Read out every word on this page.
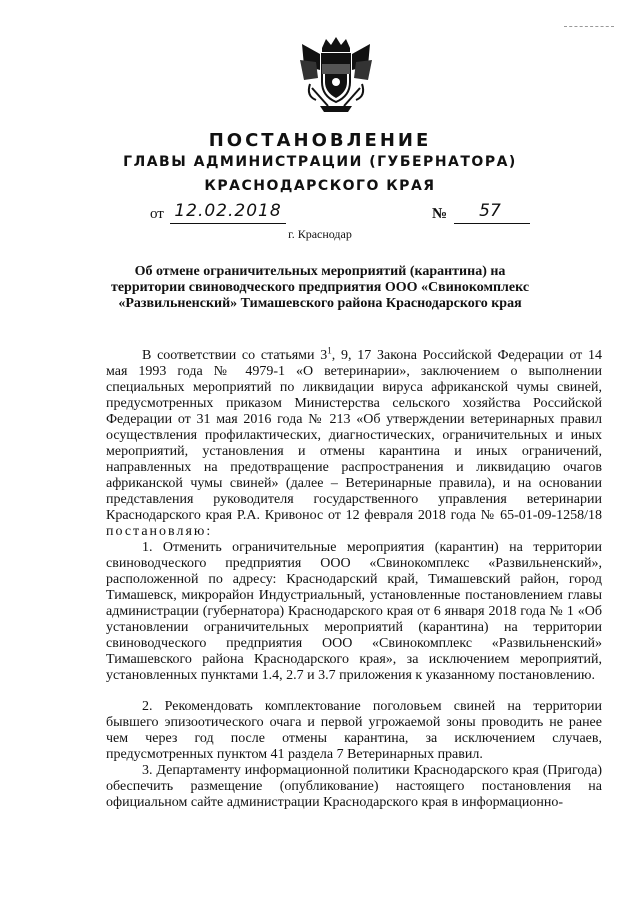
ПОСТАНОВЛЕНИЕ
ГЛАВЫ АДМИНИСТРАЦИИ (ГУБЕРНАТОРА)
КРАСНОДАРСКОГО КРАЯ
от 12.02.2018	№	57
г. Краснодар
Об отмене ограничительных мероприятий (карантина) на
территории свиноводческого предприятия ООО «Свинокомплекс
«Развильненский» Тимашевского района Краснодарского края
В соответствии со статьями $3^1$, 9, 17 Закона Российской Федерации от 14 мая 1993 года № 4979-1 «О ветеринарии», заключением о выполнении специальных мероприятий по ликвидации вируса африканской чумы свиней, предусмотренных приказом Министерства сельского хозяйства Российской Федерации от 31 мая 2016 года № 213 «Об утверждении ветеринарных правил осуществления профилактических, диагностических, ограничительных и иных мероприятий, установления и отмены карантина и иных ограничений, направленных на предотвращение распространения и ликвидацию очагов африканской чумы свиней» (далее – Ветеринарные правила), и на основании представления руководителя государственного управления ветеринарии Краснодарского края Р.А. Кривонос от 12 февраля 2018 года № 65-01-09-1258/18 постановляю:
1. Отменить ограничительные мероприятия (карантин) на территории свиноводческого предприятия ООО «Свинокомплекс «Развильненский», расположенной по адресу: Краснодарский край, Тимашевский район, город Тимашевск, микрорайон Индустриальный, установленные постановлением главы администрации (губернатора) Краснодарского края от 6 января 2018 года № 1 «Об установлении ограничительных мероприятий (карантина) на территории свиноводческого предприятия ООО «Свинокомплекс «Развильненский» Тимашевского района Краснодарского края», за исключением мероприятий, установленных пунктами 1.4, 2.7 и 3.7 приложения к указанному постановлению.
2. Рекомендовать комплектование поголовьем свиней на территории бывшего эпизоотического очага и первой угрожаемой зоны проводить не ранее чем через год после отмены карантина, за исключением случаев, предусмотренных пунктом 41 раздела 7 Ветеринарных правил.
3. Департаменту информационной политики Краснодарского края (Пригода) обеспечить размещение (опубликование) настоящего постановления на официальном сайте администрации Краснодарского края в информационно-
